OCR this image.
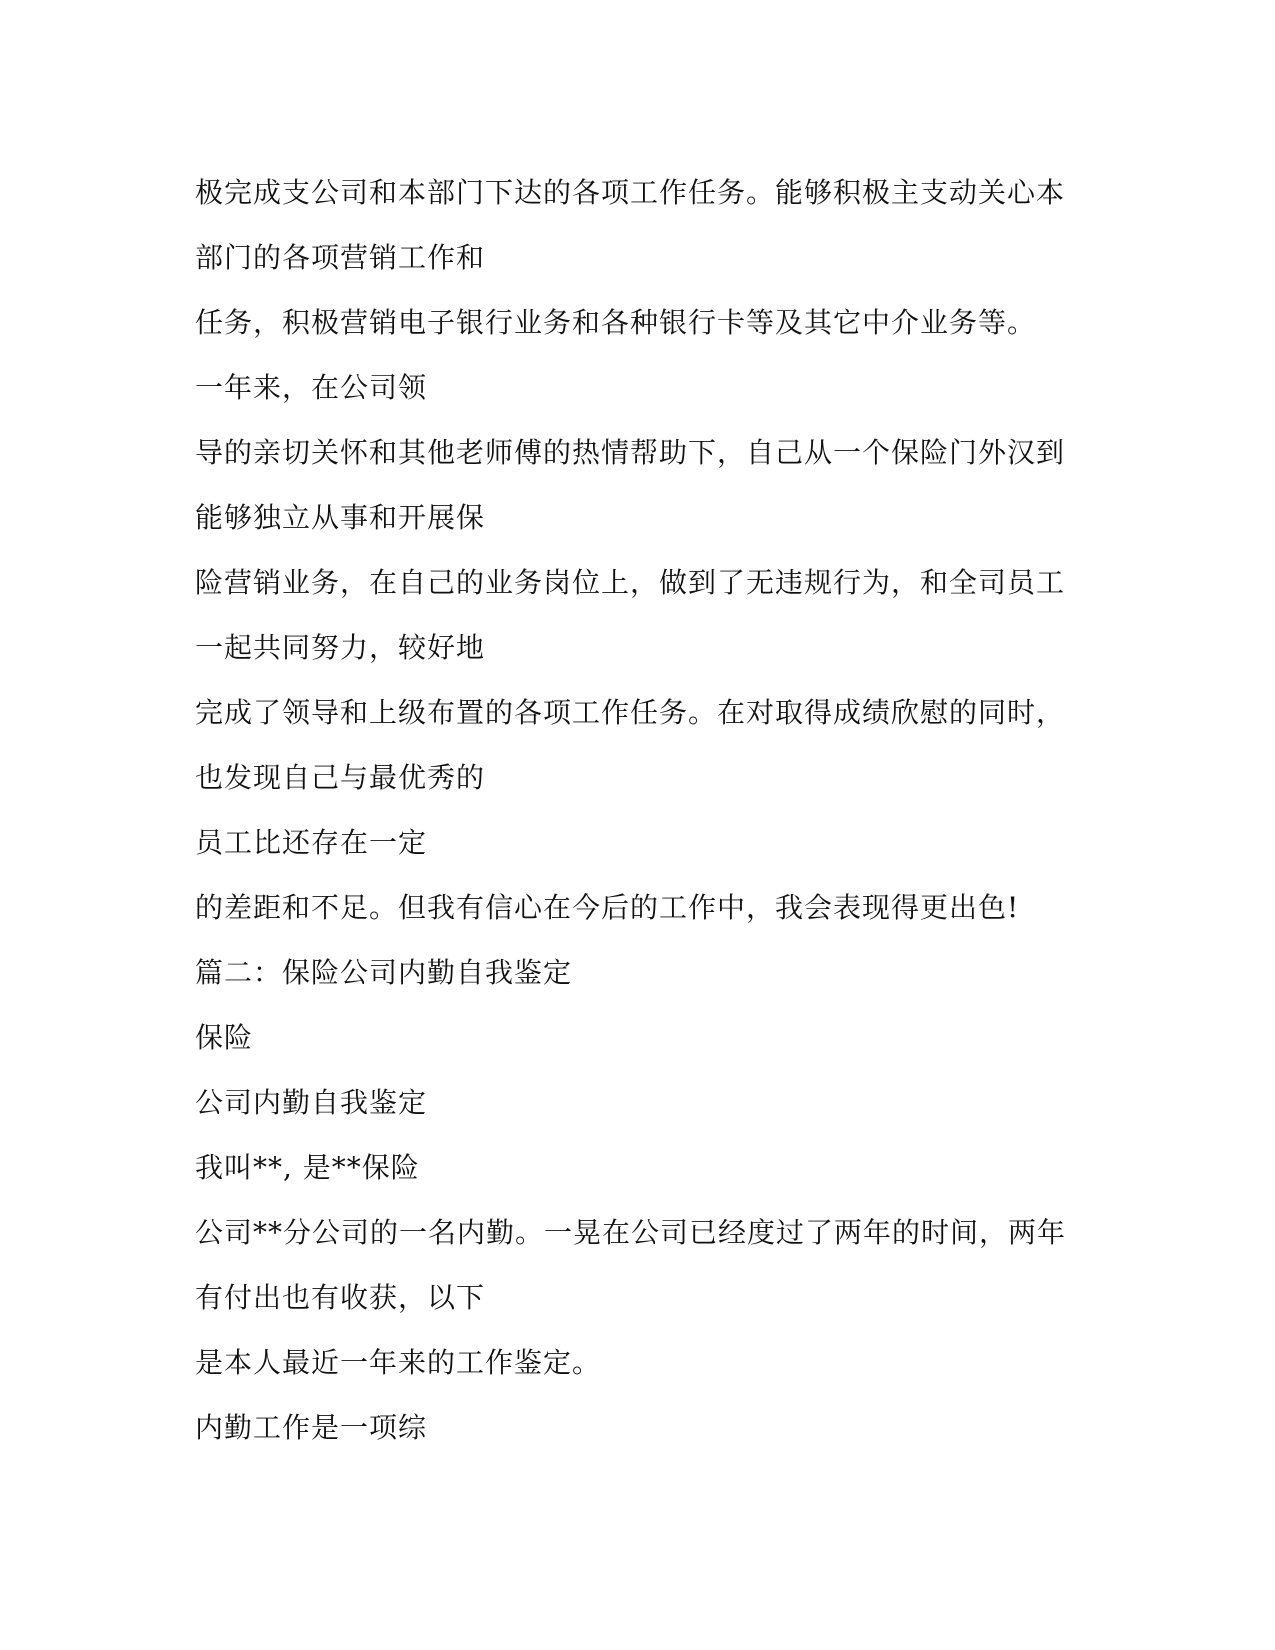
极完成支公司和本部门下达的各项工作任务。能够积极主支动关心本
部门的各项营销工作和
任务，积极营销电子银行业务和各种银行卡等及其它中介业务等。
一年来，在公司领
导的亲切关怀和其他老师傅的热情帮助下，自己从一个保险门外汉到
能够独立从事和开展保
险营销业务，在自己的业务岗位上，做到了无违规行为，和全司员工
一起共同努力，较好地
完成了领导和上级布置的各项工作任务。在对取得成绩欣慰的同时，
也发现自己与最优秀的
员工比还存在一定
的差距和不足。但我有信心在今后的工作中，我会表现得更出色!
篇二：保险公司内勤自我鉴定
保险
公司内勤自我鉴定
我叫**, 是**保险
公司**分公司的一名内勤。一晃在公司已经度过了两年的时间，两年
有付出也有收获，以下
是本人最近一年来的工作鉴定。
内勤工作是一项综
